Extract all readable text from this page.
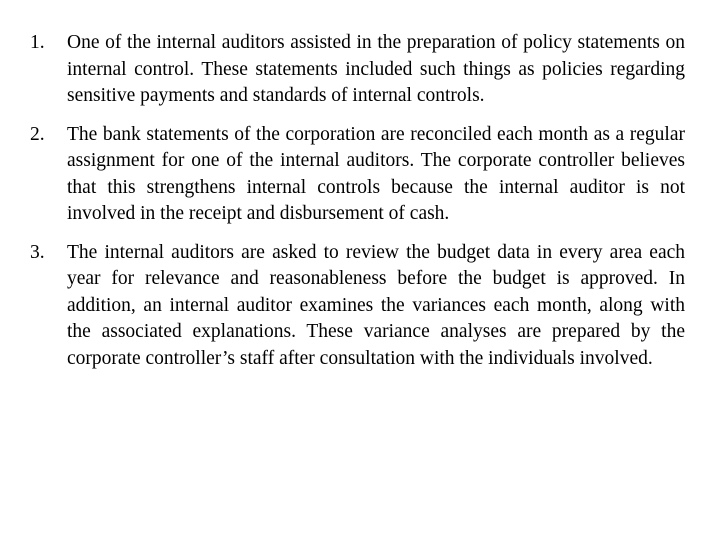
1.	One of the internal auditors assisted in the preparation of policy statements on internal control. These statements included such things as policies regarding sensitive payments and standards of internal controls.
2.	The bank statements of the corporation are reconciled each month as a regular assignment for one of the internal auditors. The corporate controller believes that this strengthens internal controls because the internal auditor is not involved in the receipt and disbursement of cash.
3.	The internal auditors are asked to review the budget data in every area each year for relevance and reasonableness before the budget is approved. In addition, an internal auditor examines the variances each month, along with the associated explanations. These variance analyses are prepared by the corporate controller’s staff after consultation with the individuals involved.
